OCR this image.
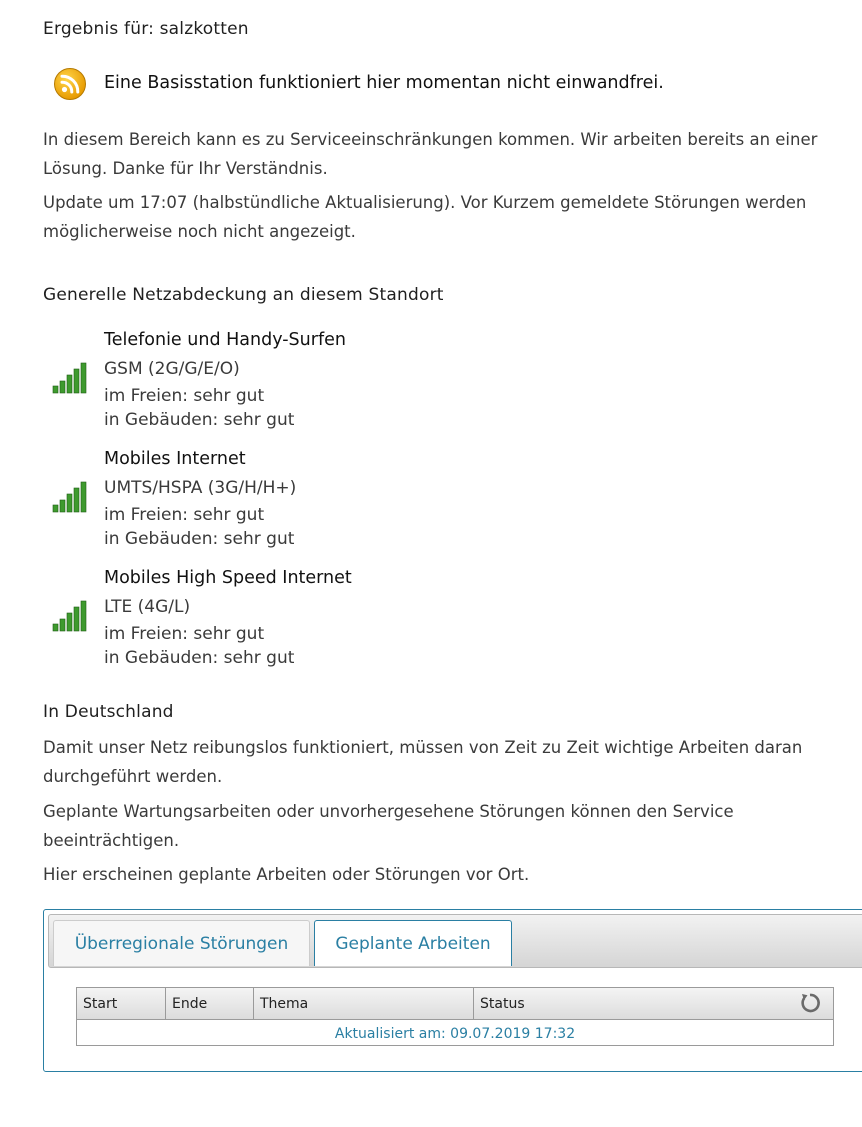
Ergebnis für: salzkotten
Eine Basisstation funktioniert hier momentan nicht einwandfrei.
In diesem Bereich kann es zu Serviceeinschränkungen kommen. Wir arbeiten bereits an einer Lösung. Danke für Ihr Verständnis.
Update um 17:07 (halbstündliche Aktualisierung). Vor Kurzem gemeldete Störungen werden möglicherweise noch nicht angezeigt.
Generelle Netzabdeckung an diesem Standort
Telefonie und Handy-Surfen
GSM (2G/G/E/O)
im Freien: sehr gut
in Gebäuden: sehr gut
Mobiles Internet
UMTS/HSPA (3G/H/H+)
im Freien: sehr gut
in Gebäuden: sehr gut
Mobiles High Speed Internet
LTE (4G/L)
im Freien: sehr gut
in Gebäuden: sehr gut
In Deutschland
Damit unser Netz reibungslos funktioniert, müssen von Zeit zu Zeit wichtige Arbeiten daran durchgeführt werden.
Geplante Wartungsarbeiten oder unvorhergesehene Störungen können den Service beeinträchtigen.
Hier erscheinen geplante Arbeiten oder Störungen vor Ort.
Überregionale Störungen	Geplante Arbeiten
Start	Ende	Thema	Status
Aktualisiert am: 09.07.2019 17:32
